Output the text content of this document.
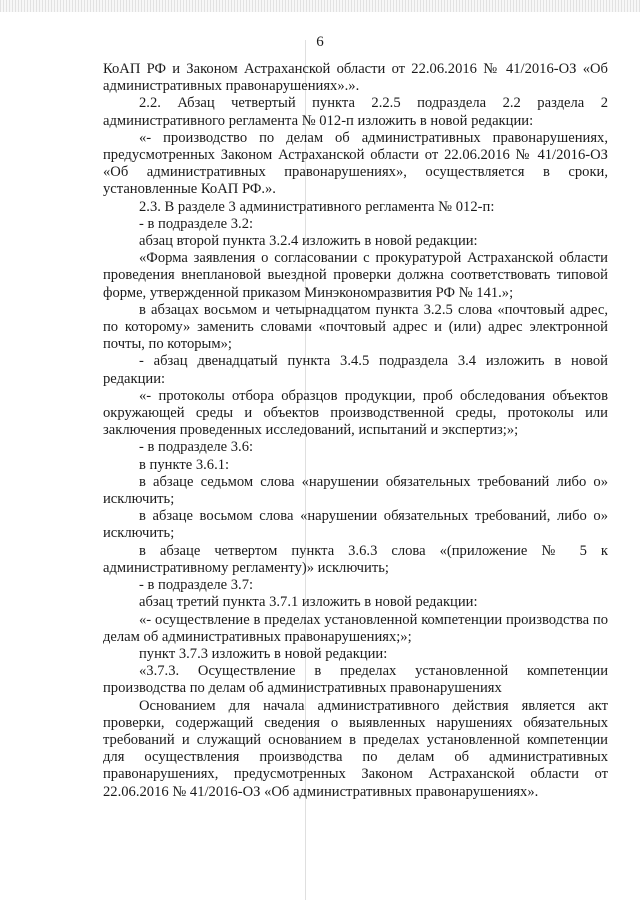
6

КоАП РФ и Законом Астраханской области от 22.06.2016 № 41/2016-ОЗ «Об административных правонарушениях».».

2.2. Абзац четвертый пункта 2.2.5 подраздела 2.2 раздела 2 административного регламента № 012-п изложить в новой редакции:

«- производство по делам об административных правонарушениях, предусмотренных Законом Астраханской области от 22.06.2016 № 41/2016-ОЗ «Об административных правонарушениях», осуществляется в сроки, установленные КоАП РФ.».

2.3. В разделе 3 административного регламента № 012-п:

- в подразделе 3.2:

абзац второй пункта 3.2.4 изложить в новой редакции:

«Форма заявления о согласовании с прокуратурой Астраханской области проведения внеплановой выездной проверки должна соответствовать типовой форме, утвержденной приказом Минэкономразвития РФ № 141.»;

в абзацах восьмом и четырнадцатом пункта 3.2.5 слова «почтовый адрес, по которому» заменить словами «почтовый адрес и (или) адрес электронной почты, по которым»;

- абзац двенадцатый пункта 3.4.5 подраздела 3.4 изложить в новой редакции:

«- протоколы отбора образцов продукции, проб обследования объектов окружающей среды и объектов производственной среды, протоколы или заключения проведенных исследований, испытаний и экспертиз;»;

- в подразделе 3.6:

в пункте 3.6.1:

в абзаце седьмом слова «нарушении обязательных требований либо о» исключить;

в абзаце восьмом слова «нарушении обязательных требований, либо о» исключить;

в абзаце четвертом пункта 3.6.3 слова «(приложение № 5 к административному регламенту)» исключить;

- в подразделе 3.7:

абзац третий пункта 3.7.1 изложить в новой редакции:

«- осуществление в пределах установленной компетенции производства по делам об административных правонарушениях;»;

пункт 3.7.3 изложить в новой редакции:

«3.7.3. Осуществление в пределах установленной компетенции производства по делам об административных правонарушениях

Основанием для начала административного действия является акт проверки, содержащий сведения о выявленных нарушениях обязательных требований и служащий основанием в пределах установленной компетенции для осуществления производства по делам об административных правонарушениях, предусмотренных Законом Астраханской области от 22.06.2016 № 41/2016-ОЗ «Об административных правонарушениях».
